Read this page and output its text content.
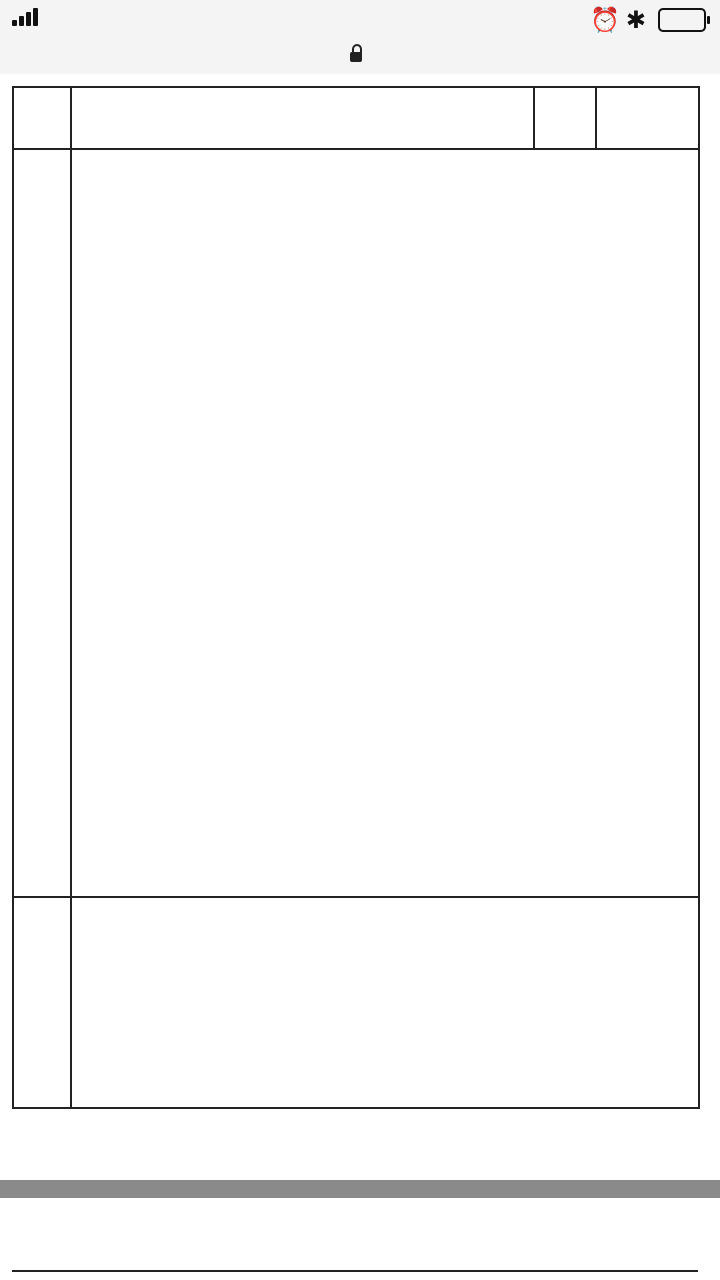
⏰ ✱
